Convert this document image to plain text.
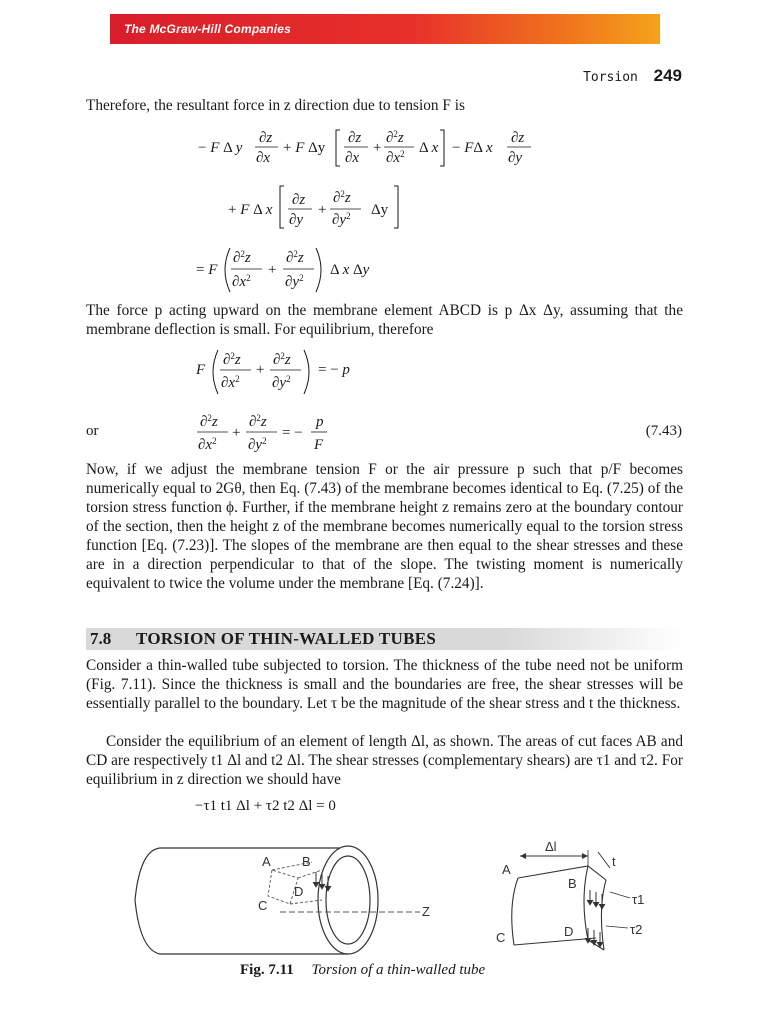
The McGraw-Hill Companies
Torsion 249
Therefore, the resultant force in z direction due to tension F is
− F Δ y
∂z
∂x
+ F Δy
∂z
∂x
+
∂$^2$z
$\partial x^2$ Δ x − FΔ x
∂z
∂y
+ F Δ x
∂z
∂y
+
∂$^2$z
$\partial y^2$ Δy
= F
∂$^2$z
$\partial x^2$ +
∂$^2$z
$\partial y^2$ Δ x Δy
The force p acting upward on the membrane element ABCD is p Δx Δy, assuming that the membrane deflection is small. For equilibrium, therefore
F
∂$^2$z
$\partial x^2$
+
∂$^2$z
$\partial y^2$
= − p
or
∂$^2$z
$\partial x^2$ +
∂$^2$z
$\partial y^2$ = −
p
F
(7.43)
Now, if we adjust the membrane tension F or the air pressure p such that p/F becomes numerically equal to 2Gθ, then Eq. (7.43) of the membrane becomes identical to Eq. (7.25) of the torsion stress function ϕ. Further, if the membrane height z remains zero at the boundary contour of the section, then the height z of the membrane becomes numerically equal to the torsion stress function [Eq. (7.23)]. The slopes of the membrane are then equal to the shear stresses and these are in a direction perpendicular to that of the slope. The twisting moment is numerically equivalent to twice the volume under the membrane [Eq. (7.24)].
7.8 TORSION OF THIN-WALLED TUBES
Consider a thin-walled tube subjected to torsion. The thickness of the tube need not be uniform (Fig. 7.11). Since the thickness is small and the boundaries are free, the shear stresses will be essentially parallel to the boundary. Let τ be the magnitude of the shear stress and t the thickness.
Consider the equilibrium of an element of length Δl, as shown. The areas of cut faces AB and CD are respectively t1 Δl and t2 Δl. The shear stresses (complementary shears) are τ1 and τ2. For equilibrium in z direction we should have
−τ1 t1 Δl + τ2 t2 Δl = 0
A B
D
C	Z
Δl
t
A
B
D
C
τ1
τ2
Fig. 7.11 Torsion of a thin-walled tube
